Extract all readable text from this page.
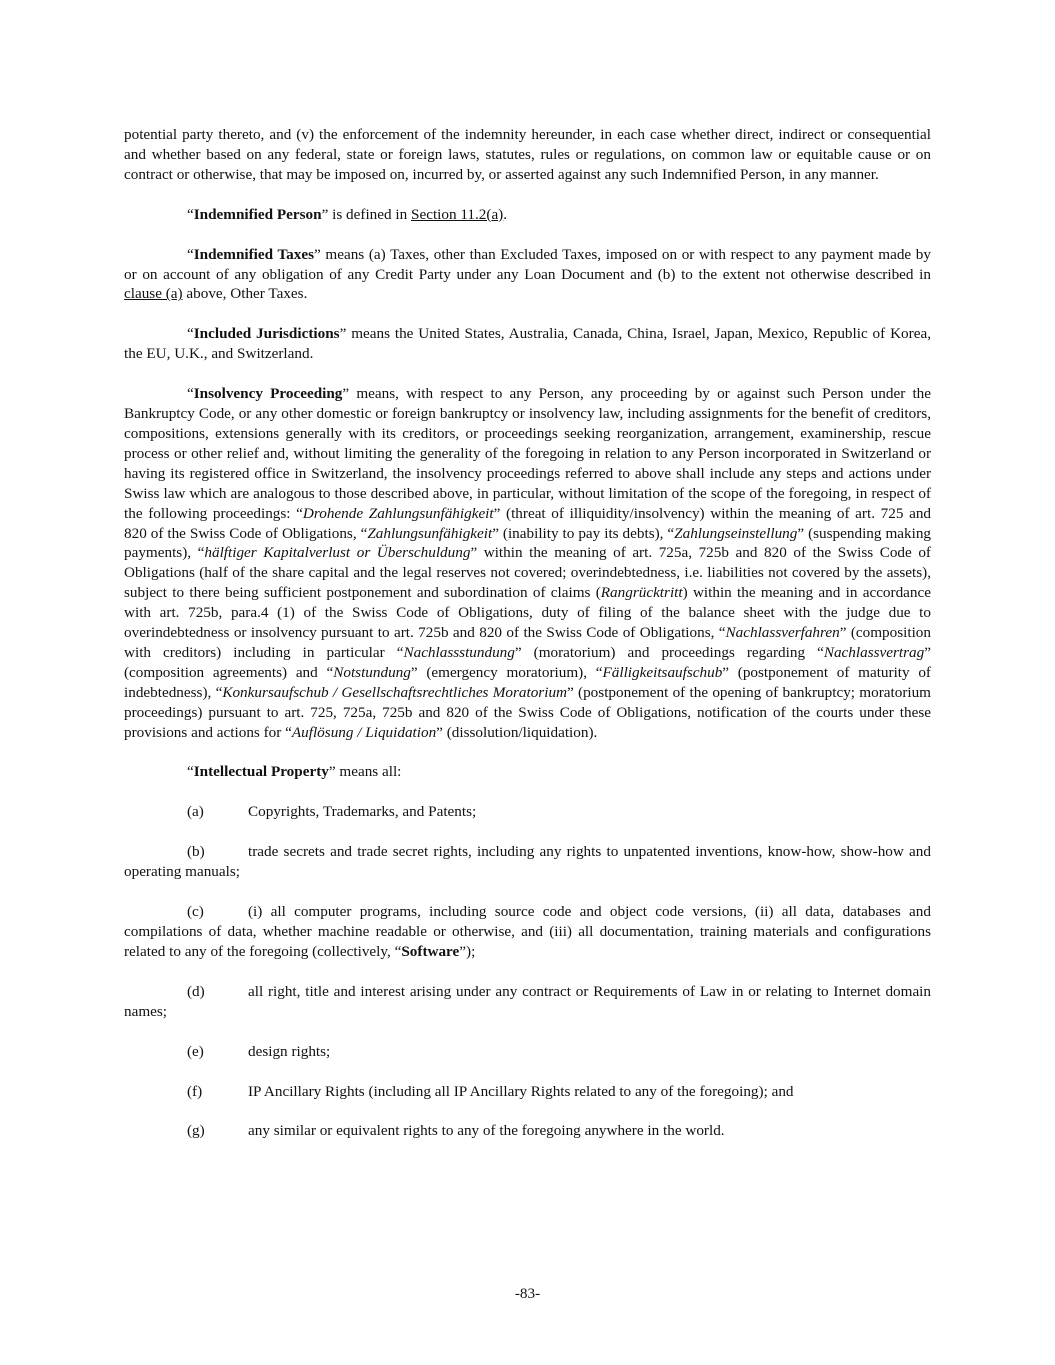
potential party thereto, and (v) the enforcement of the indemnity hereunder, in each case whether direct, indirect or consequential and whether based on any federal, state or foreign laws, statutes, rules or regulations, on common law or equitable cause or on contract or otherwise, that may be imposed on, incurred by, or asserted against any such Indemnified Person, in any manner.

“Indemnified Person” is defined in Section 11.2(a).

“Indemnified Taxes” means (a) Taxes, other than Excluded Taxes, imposed on or with respect to any payment made by or on account of any obligation of any Credit Party under any Loan Document and (b) to the extent not otherwise described in clause (a) above, Other Taxes.

“Included Jurisdictions” means the United States, Australia, Canada, China, Israel, Japan, Mexico, Republic of Korea, the EU, U.K., and Switzerland.

“Insolvency Proceeding” means, with respect to any Person, any proceeding by or against such Person under the Bankruptcy Code, or any other domestic or foreign bankruptcy or insolvency law, including assignments for the benefit of creditors, compositions, extensions generally with its creditors, or proceedings seeking reorganization, arrangement, examinership, rescue process or other relief and, without limiting the generality of the foregoing in relation to any Person incorporated in Switzerland or having its registered office in Switzerland, the insolvency proceedings referred to above shall include any steps and actions under Swiss law which are analogous to those described above, in particular, without limitation of the scope of the foregoing, in respect of the following proceedings: “Drohende Zahlungsunfähigkeit” (threat of illiquidity/insolvency) within the meaning of art. 725 and 820 of the Swiss Code of Obligations, “Zahlungsunfähigkeit” (inability to pay its debts), “Zahlungseinstellung” (suspending making payments), “hälftiger Kapitalverlust or Überschuldung” within the meaning of art. 725a, 725b and 820 of the Swiss Code of Obligations (half of the share capital and the legal reserves not covered; overindebtedness, i.e. liabilities not covered by the assets), subject to there being sufficient postponement and subordination of claims (Rangrücktritt) within the meaning and in accordance with art. 725b, para.4 (1) of the Swiss Code of Obligations, duty of filing of the balance sheet with the judge due to overindebtedness or insolvency pursuant to art. 725b and 820 of the Swiss Code of Obligations, “Nachlassverfahren” (composition with creditors) including in particular “Nachlassstundung” (moratorium) and proceedings regarding “Nachlassvertrag” (composition agreements) and “Notstundung” (emergency moratorium), “Fälligkeitsaufschub” (postponement of maturity of indebtedness), “Konkursaufschub / Gesellschaftsrechtliches Moratorium” (postponement of the opening of bankruptcy; moratorium proceedings) pursuant to art. 725, 725a, 725b and 820 of the Swiss Code of Obligations, notification of the courts under these provisions and actions for “Auflösung / Liquidation” (dissolution/liquidation).

“Intellectual Property” means all:

(a)	Copyrights, Trademarks, and Patents;
(b)	trade secrets and trade secret rights, including any rights to unpatented inventions, know-how, show-how and operating manuals;
(c)	(i) all computer programs, including source code and object code versions, (ii) all data, databases and compilations of data, whether machine readable or otherwise, and (iii) all documentation, training materials and configurations related to any of the foregoing (collectively, “Software”);
(d)	all right, title and interest arising under any contract or Requirements of Law in or relating to Internet domain names;
(e)	design rights;
(f)	IP Ancillary Rights (including all IP Ancillary Rights related to any of the foregoing); and
(g)	any similar or equivalent rights to any of the foregoing anywhere in the world.
-83-
